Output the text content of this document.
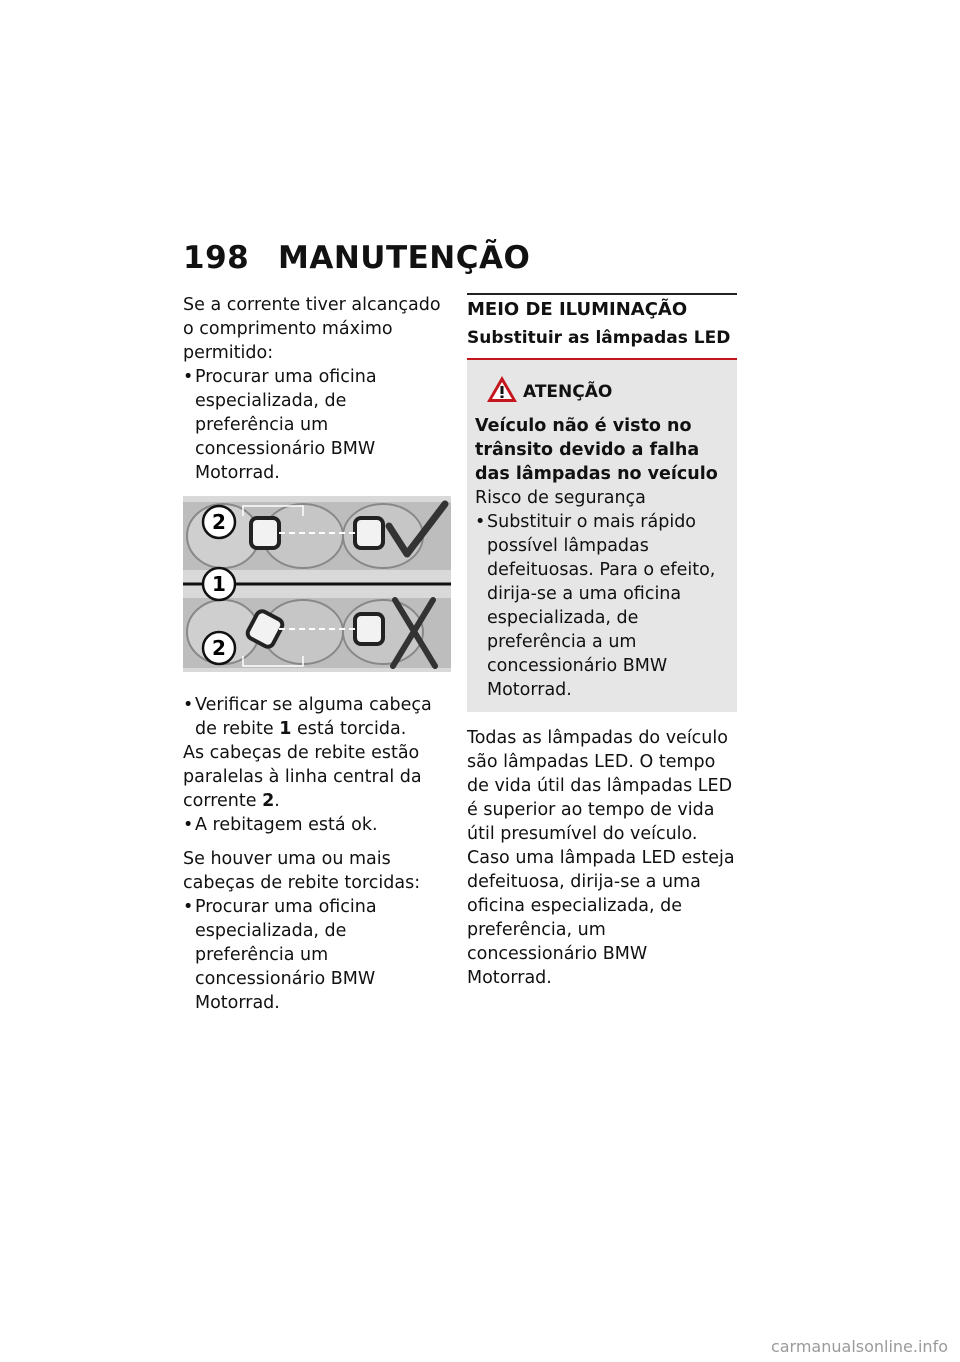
198 MANUTENÇÃO

Se a corrente tiver alcançado o comprimento máximo permitido:

• Procurar uma oficina especializada, de preferência um concessionário BMW Motorrad.

2
1
2

• Verificar se alguma cabeça de rebite 1 está torcida.

As cabeças de rebite estão paralelas à linha central da corrente 2.

• A rebitagem está ok.

Se houver uma ou mais cabeças de rebite torcidas:

• Procurar uma oficina especializada, de preferência um concessionário BMW Motorrad.

MEIO DE ILUMINAÇÃO
Substituir as lâmpadas LED
ATENÇÃO

Veículo não é visto no trânsito devido a falha das lâmpadas no veículo

Risco de segurança

• Substituir o mais rápido possível lâmpadas defeituosas. Para o efeito, dirija-se a uma oficina especializada, de preferência a um concessionário BMW Motorrad.

Todas as lâmpadas do veículo são lâmpadas LED. O tempo de vida útil das lâmpadas LED é superior ao tempo de vida útil presumível do veículo. Caso uma lâmpada LED esteja defeituosa, dirija-se a uma oficina especializada, de preferência, um concessionário BMW Motorrad.

carmanualsonline.info
